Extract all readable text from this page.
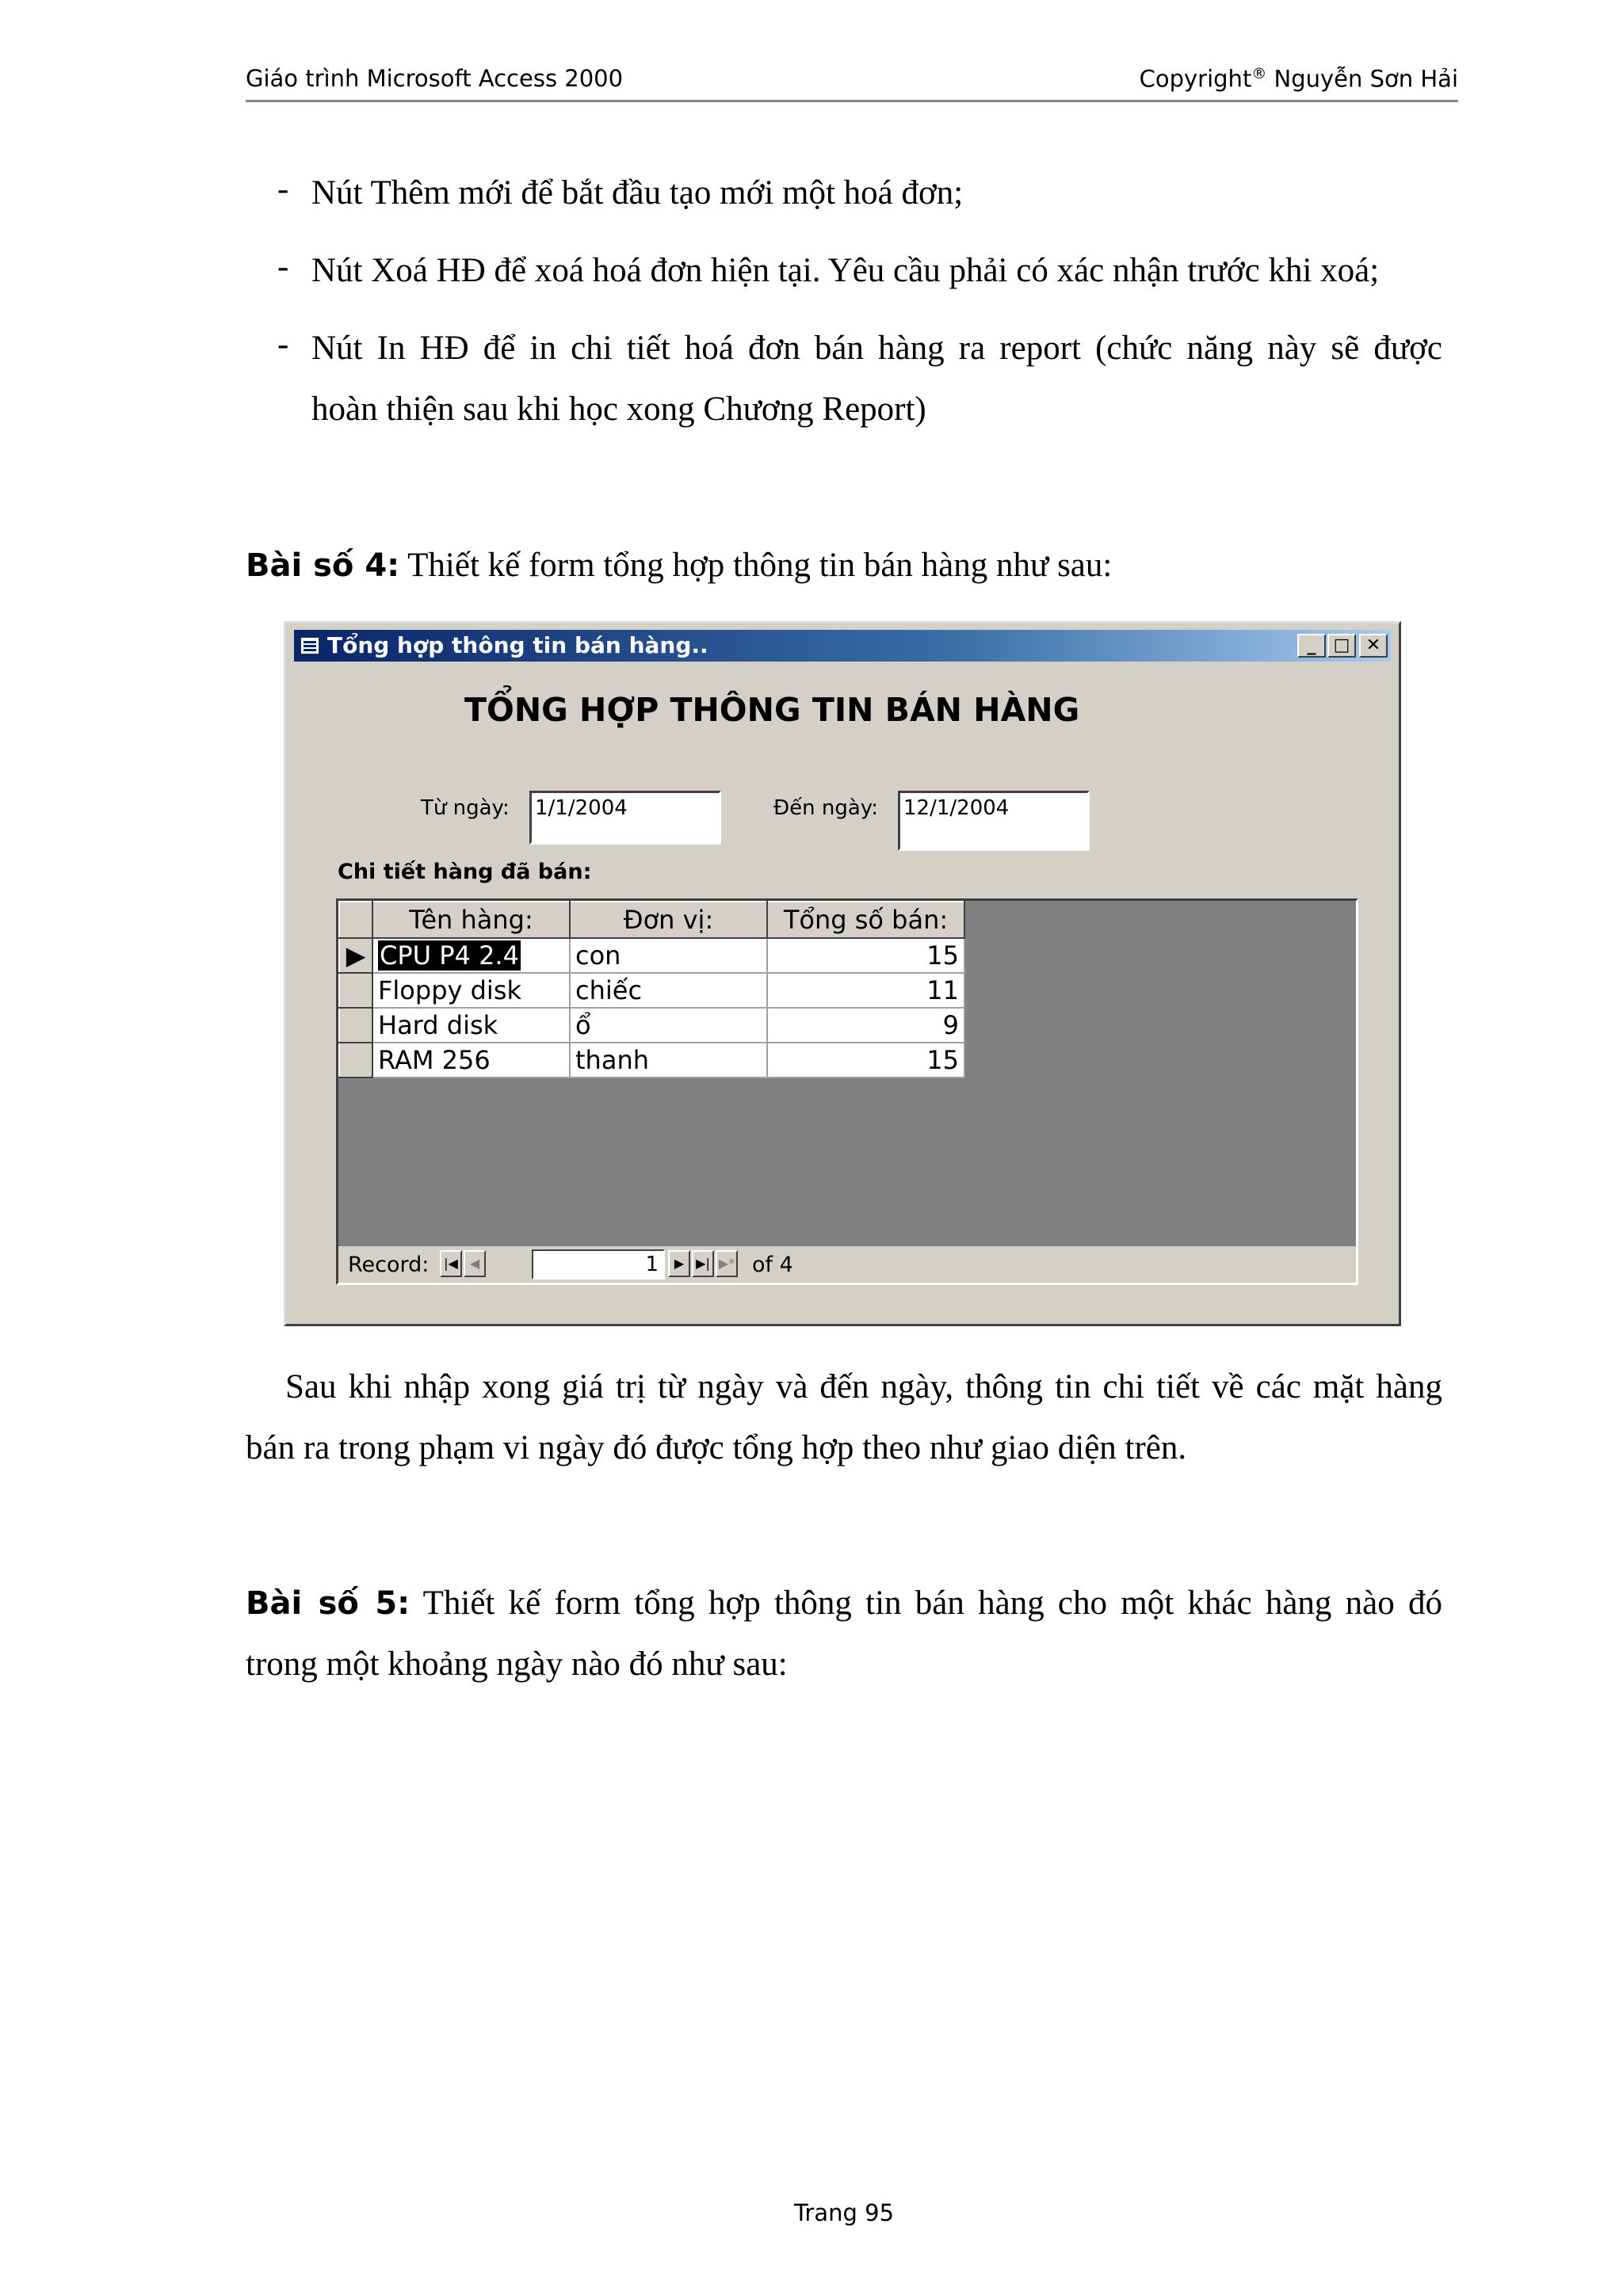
Giáo trình Microsoft Access 2000	Copyright® Nguyễn Sơn Hải
- Nút Thêm mới để bắt đầu tạo mới một hoá đơn;
- Nút Xoá HĐ để xoá hoá đơn hiện tại. Yêu cầu phải có xác nhận trước khi xoá;
- Nút In HĐ để in chi tiết hoá đơn bán hàng ra report (chức năng này sẽ được
hoàn thiện sau khi học xong Chương Report)
Bài số 4: Thiết kế form tổng hợp thông tin bán hàng như sau:
Tổng hợp thông tin bán hàng..	_	□ ✕
TỔNG HỢP THÔNG TIN BÁN HÀNG
Từ ngày: 1/1/2004	Đến ngày: 12/1/2004
Chi tiết hàng đã bán:
	Tên hàng:	Đơn vị:	Tổng số bán:
▶	CPU P4 2.4	con	15
	Floppy disk	chiếc	11
	Hard disk	ổ	9
	RAM 256	thanh	15
Record:	|◀ ◀	1	▶ ▶| ▶* of 4
Sau khi nhập xong giá trị từ ngày và đến ngày, thông tin chi tiết về các mặt hàng
bán ra trong phạm vi ngày đó được tổng hợp theo như giao diện trên.
Bài số 5: Thiết kế form tổng hợp thông tin bán hàng cho một khác hàng nào đó
trong một khoảng ngày nào đó như sau:
Trang 95
